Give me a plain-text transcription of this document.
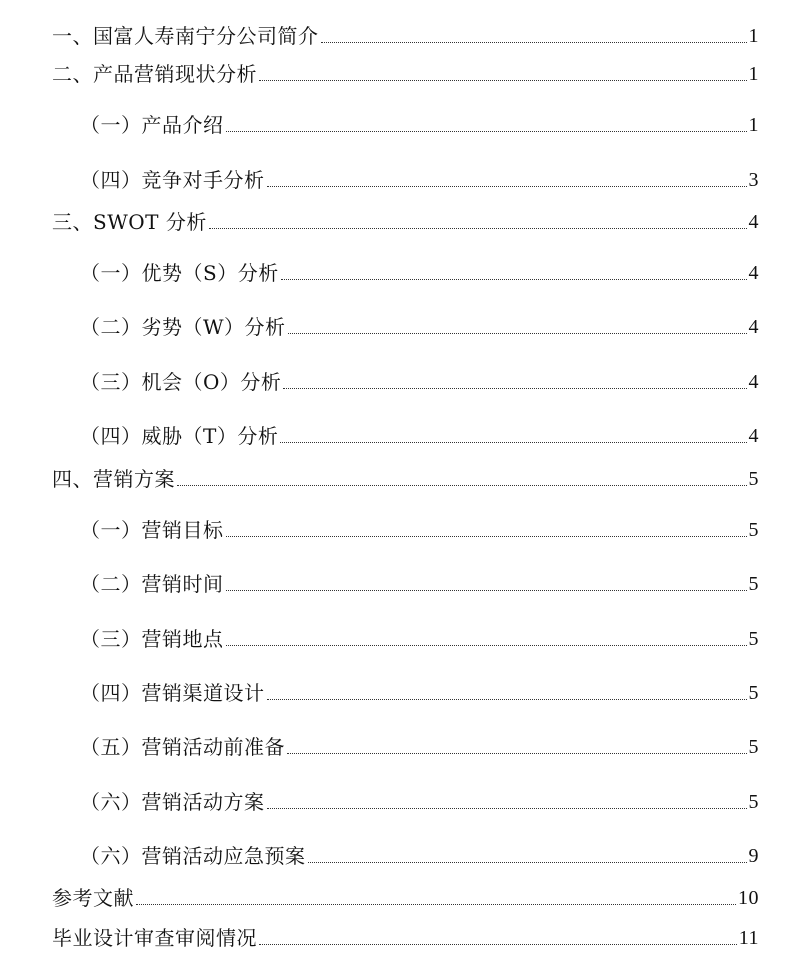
一、国富人寿南宁分公司简介	1
二、产品营销现状分析	1
（一）产品介绍	1
（四）竞争对手分析	3
三、SWOT 分析	4
（一）优势（S）分析	4
（二）劣势（W）分析	4
（三）机会（O）分析	4
（四）威胁（T）分析	4
四、营销方案	5
（一）营销目标	5
（二）营销时间	5
（三）营销地点	5
（四）营销渠道设计	5
（五）营销活动前准备	5
（六）营销活动方案	5
（六）营销活动应急预案	9
参考文献	10
毕业设计审查审阅情况	11
